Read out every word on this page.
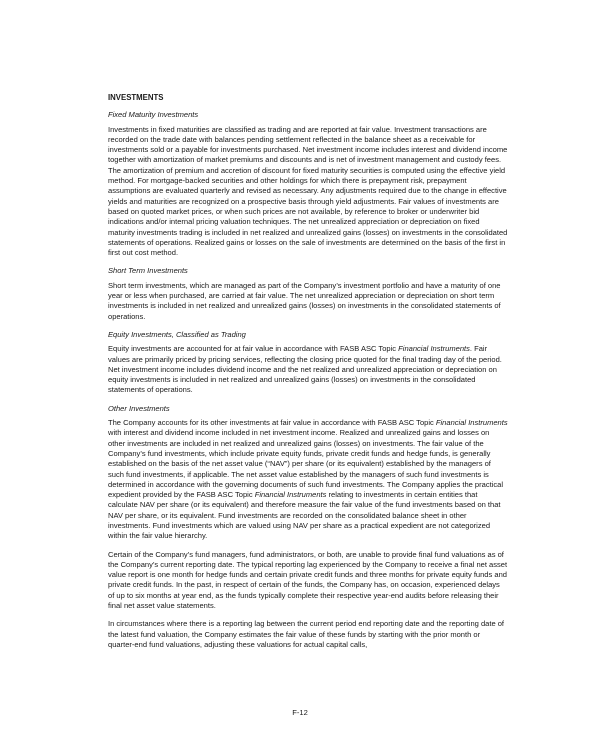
INVESTMENTS
Fixed Maturity Investments

Investments in fixed maturities are classified as trading and are reported at fair value. Investment transactions are recorded on the trade date with balances pending settlement reflected in the balance sheet as a receivable for investments sold or a payable for investments purchased. Net investment income includes interest and dividend income together with amortization of market premiums and discounts and is net of investment management and custody fees. The amortization of premium and accretion of discount for fixed maturity securities is computed using the effective yield method. For mortgage-backed securities and other holdings for which there is prepayment risk, prepayment assumptions are evaluated quarterly and revised as necessary. Any adjustments required due to the change in effective yields and maturities are recognized on a prospective basis through yield adjustments. Fair values of investments are based on quoted market prices, or when such prices are not available, by reference to broker or underwriter bid indications and/or internal pricing valuation techniques. The net unrealized appreciation or depreciation on fixed maturity investments trading is included in net realized and unrealized gains (losses) on investments in the consolidated statements of operations. Realized gains or losses on the sale of investments are determined on the basis of the first in first out cost method.

Short Term Investments

Short term investments, which are managed as part of the Company’s investment portfolio and have a maturity of one year or less when purchased, are carried at fair value. The net unrealized appreciation or depreciation on short term investments is included in net realized and unrealized gains (losses) on investments in the consolidated statements of operations.

Equity Investments, Classified as Trading

Equity investments are accounted for at fair value in accordance with FASB ASC Topic Financial Instruments. Fair values are primarily priced by pricing services, reflecting the closing price quoted for the final trading day of the period. Net investment income includes dividend income and the net realized and unrealized appreciation or depreciation on equity investments is included in net realized and unrealized gains (losses) on investments in the consolidated statements of operations.

Other Investments

The Company accounts for its other investments at fair value in accordance with FASB ASC Topic Financial Instruments with interest and dividend income included in net investment income. Realized and unrealized gains and losses on other investments are included in net realized and unrealized gains (losses) on investments. The fair value of the Company’s fund investments, which include private equity funds, private credit funds and hedge funds, is generally established on the basis of the net asset value (“NAV”) per share (or its equivalent) established by the managers of such fund investments, if applicable. The net asset value established by the managers of such fund investments is determined in accordance with the governing documents of such fund investments. The Company applies the practical expedient provided by the FASB ASC Topic Financial Instruments relating to investments in certain entities that calculate NAV per share (or its equivalent) and therefore measure the fair value of the fund investments based on that NAV per share, or its equivalent. Fund investments are recorded on the consolidated balance sheet in other investments. Fund investments which are valued using NAV per share as a practical expedient are not categorized within the fair value hierarchy.

Certain of the Company’s fund managers, fund administrators, or both, are unable to provide final fund valuations as of the Company’s current reporting date. The typical reporting lag experienced by the Company to receive a final net asset value report is one month for hedge funds and certain private credit funds and three months for private equity funds and private credit funds. In the past, in respect of certain of the funds, the Company has, on occasion, experienced delays of up to six months at year end, as the funds typically complete their respective year-end audits before releasing their final net asset value statements.

In circumstances where there is a reporting lag between the current period end reporting date and the reporting date of the latest fund valuation, the Company estimates the fair value of these funds by starting with the prior month or quarter-end fund valuations, adjusting these valuations for actual capital calls,

F-12
